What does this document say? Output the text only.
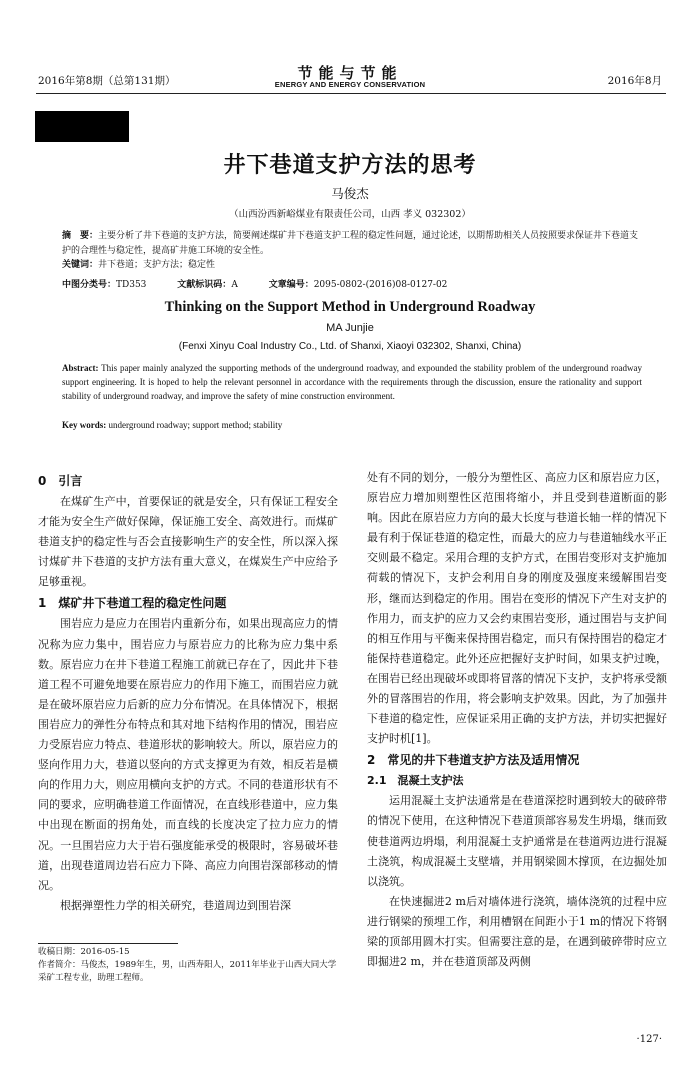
2016年第8期（总第131期）	节能与节能
ENERGY AND ENERGY CONSERVATION	2016年8月
井下巷道支护方法的思考
马俊杰
（山西汾西新峪煤业有限责任公司，山西 孝义 032302）
摘　要：主要分析了井下巷道的支护方法，简要阐述煤矿井下巷道支护工程的稳定性问题，通过论述，以期帮助相关人员按照要求保证井下巷道支护的合理性与稳定性，提高矿井施工环境的安全性。
关键词：井下巷道；支护方法；稳定性
中图分类号：TD353	文献标识码：A	文章编号：2095-0802-(2016)08-0127-02
Thinking on the Support Method in Underground Roadway
MA Junjie
(Fenxi Xinyu Coal Industry Co., Ltd. of Shanxi, Xiaoyi 032302, Shanxi, China)
Abstract: This paper mainly analyzed the supporting methods of the underground roadway, and expounded the stability problem of the underground roadway support engineering. It is hoped to help the relevant personnel in accordance with the requirements through the discussion, ensure the rationality and support stability of underground roadway, and improve the safety of mine construction environment.
Key words: underground roadway; support method; stability
0　引言

在煤矿生产中，首要保证的就是安全，只有保证工程安全才能为安全生产做好保障，保证施工安全、高效进行。而煤矿巷道支护的稳定性与否会直接影响生产的安全性，所以深入探讨煤矿井下巷道的支护方法有重大意义，在煤炭生产中应给予足够重视。

1　煤矿井下巷道工程的稳定性问题

围岩应力是应力在围岩内重新分布，如果出现高应力的情况称为应力集中，围岩应力与原岩应力的比称为应力集中系数。原岩应力在井下巷道工程施工前就已存在了，因此井下巷道工程不可避免地要在原岩应力的作用下施工，而围岩应力就是在破坏原岩应力后新的应力分布情况。在具体情况下，根据围岩应力的弹性分布特点和其对地下结构作用的情况，围岩应力受原岩应力特点、巷道形状的影响较大。所以，原岩应力的竖向作用力大，巷道以竖向的方式支撑更为有效，相反若是横向的作用力大，则应用横向支护的方式。不同的巷道形状有不同的要求，应明确巷道工作面情况，在直线形巷道中，应力集中出现在断面的拐角处，而直线的长度决定了拉力应力的情况。一旦围岩应力大于岩石强度能承受的极限时，容易破坏巷道，出现巷道周边岩石应力下降、高应力向围岩深部移动的情况。

根据弹塑性力学的相关研究，巷道周边到围岩深

收稿日期：2016-05-15
作者简介：马俊杰，1989年生，男，山西寿阳人，2011年毕业于山西大同大学采矿工程专业，助理工程师。

处有不同的划分，一般分为塑性区、高应力区和原岩应力区，原岩应力增加则塑性区范围将缩小，并且受到巷道断面的影响。因此在原岩应力方向的最大长度与巷道长轴一样的情况下最有利于保证巷道的稳定性，而最大的应力与巷道轴线水平正交则最不稳定。采用合理的支护方式，在围岩变形对支护施加荷载的情况下，支护会利用自身的刚度及强度来缓解围岩变形，继而达到稳定的作用。围岩在变形的情况下产生对支护的作用力，而支护的应力又会约束围岩变形，通过围岩与支护间的相互作用与平衡来保持围岩稳定，而只有保持围岩的稳定才能保持巷道稳定。此外还应把握好支护时间，如果支护过晚，在围岩已经出现破坏或即将冒落的情况下支护，支护将承受额外的冒落围岩的作用，将会影响支护效果。因此，为了加强井下巷道的稳定性，应保证采用正确的支护方法，并切实把握好支护时机[1]。

2　常见的井下巷道支护方法及适用情况
2.1　混凝土支护法

运用混凝土支护法通常是在巷道深挖时遇到较大的破碎带的情况下使用，在这种情况下巷道顶部容易发生坍塌，继而致使巷道两边坍塌，利用混凝土支护通常是在巷道两边进行混凝土浇筑，构成混凝土支壁墙，并用钢梁圆木撑顶，在边掘处加以浇筑。

在快速掘进2 m后对墙体进行浇筑，墙体浇筑的过程中应进行钢梁的预埋工作，利用槽钢在间距小于1 m的情况下将钢梁的顶部用圆木打实。但需要注意的是，在遇到破碎带时应立即掘进2 m，并在巷道顶部及两侧

·127·
